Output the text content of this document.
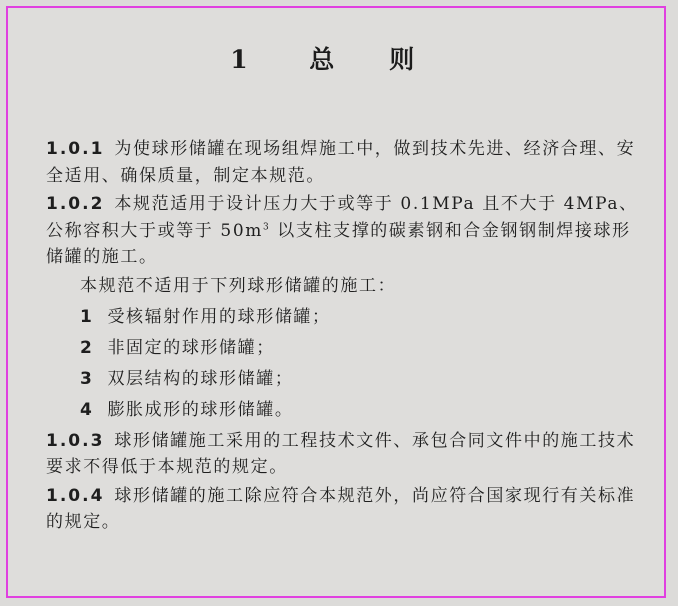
1 总 则

1.0.1 为使球形储罐在现场组焊施工中，做到技术先进、经济合理、安全适用、确保质量，制定本规范。

1.0.2 本规范适用于设计压力大于或等于 0.1MPa 且不大于 4MPa、公称容积大于或等于 $50m^3$ 以支柱支撑的碳素钢和合金钢钢制焊接球形储罐的施工。

本规范不适用于下列球形储罐的施工：

1 受核辐射作用的球形储罐；
2 非固定的球形储罐；
3 双层结构的球形储罐；
4 膨胀成形的球形储罐。

1.0.3 球形储罐施工采用的工程技术文件、承包合同文件中的施工技术要求不得低于本规范的规定。

1.0.4 球形储罐的施工除应符合本规范外，尚应符合国家现行有关标准的规定。
